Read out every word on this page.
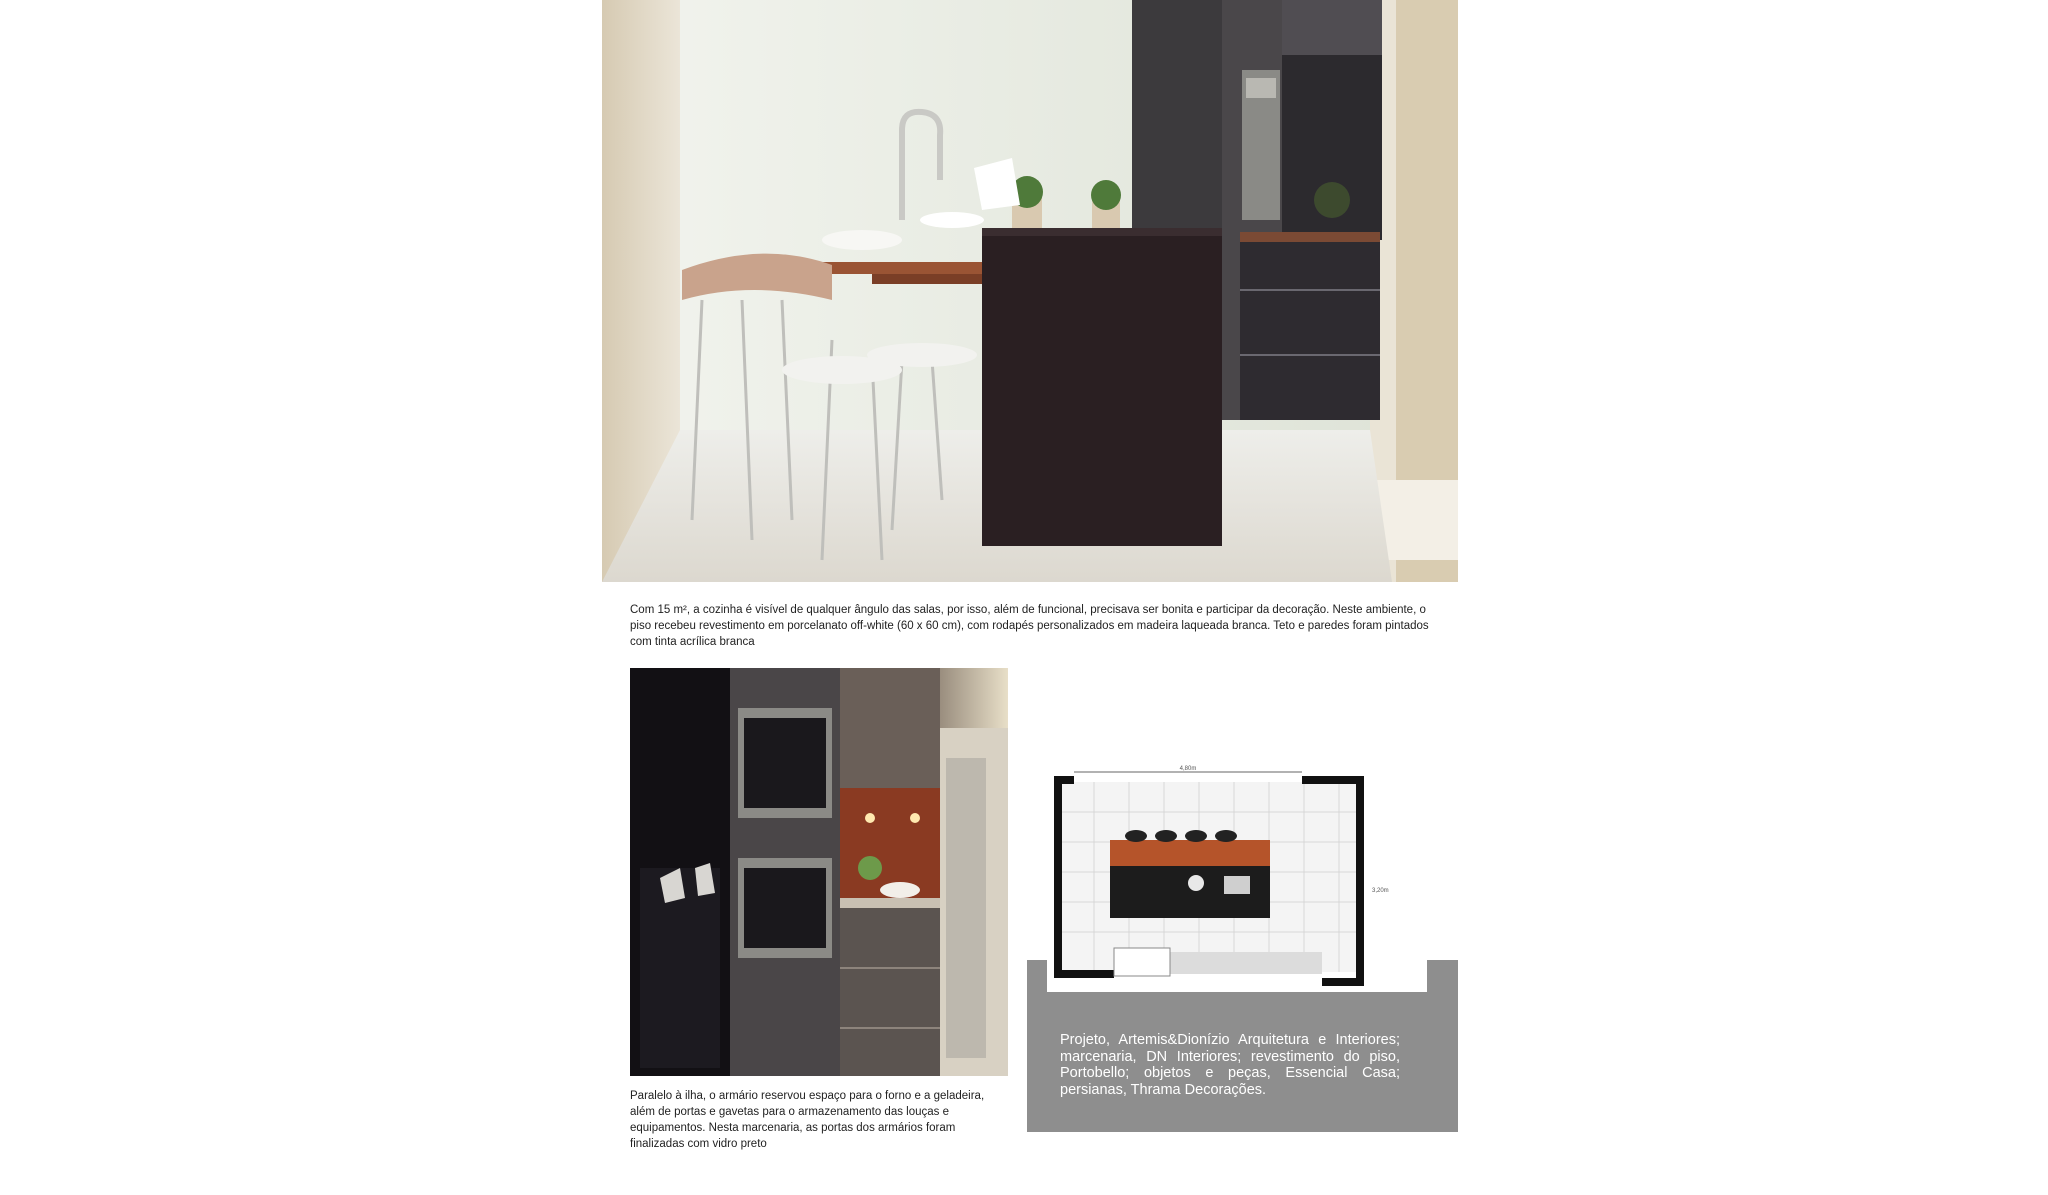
Com 15 m², a cozinha é visível de qualquer ângulo das salas, por isso, além de funcional, precisava ser bonita e participar da decoração. Neste ambiente, o piso recebeu revestimento em porcelanato off-white (60 x 60 cm), com rodapés personalizados em madeira laqueada branca. Teto e paredes foram pintados com tinta acrílica branca
Paralelo à ilha, o armário reservou espaço para o forno e a geladeira, além de portas e gavetas para o armazenamento das louças e equipamentos. Nesta marcenaria, as portas dos armários foram finalizadas com vidro preto
4,80m
3,20m
Projeto, Artemis&Dionízio Arquitetura e Interiores; marcenaria, DN Interiores; revestimento do piso, Portobello; objetos e peças, Essencial Casa; persianas, Thrama Decorações.
